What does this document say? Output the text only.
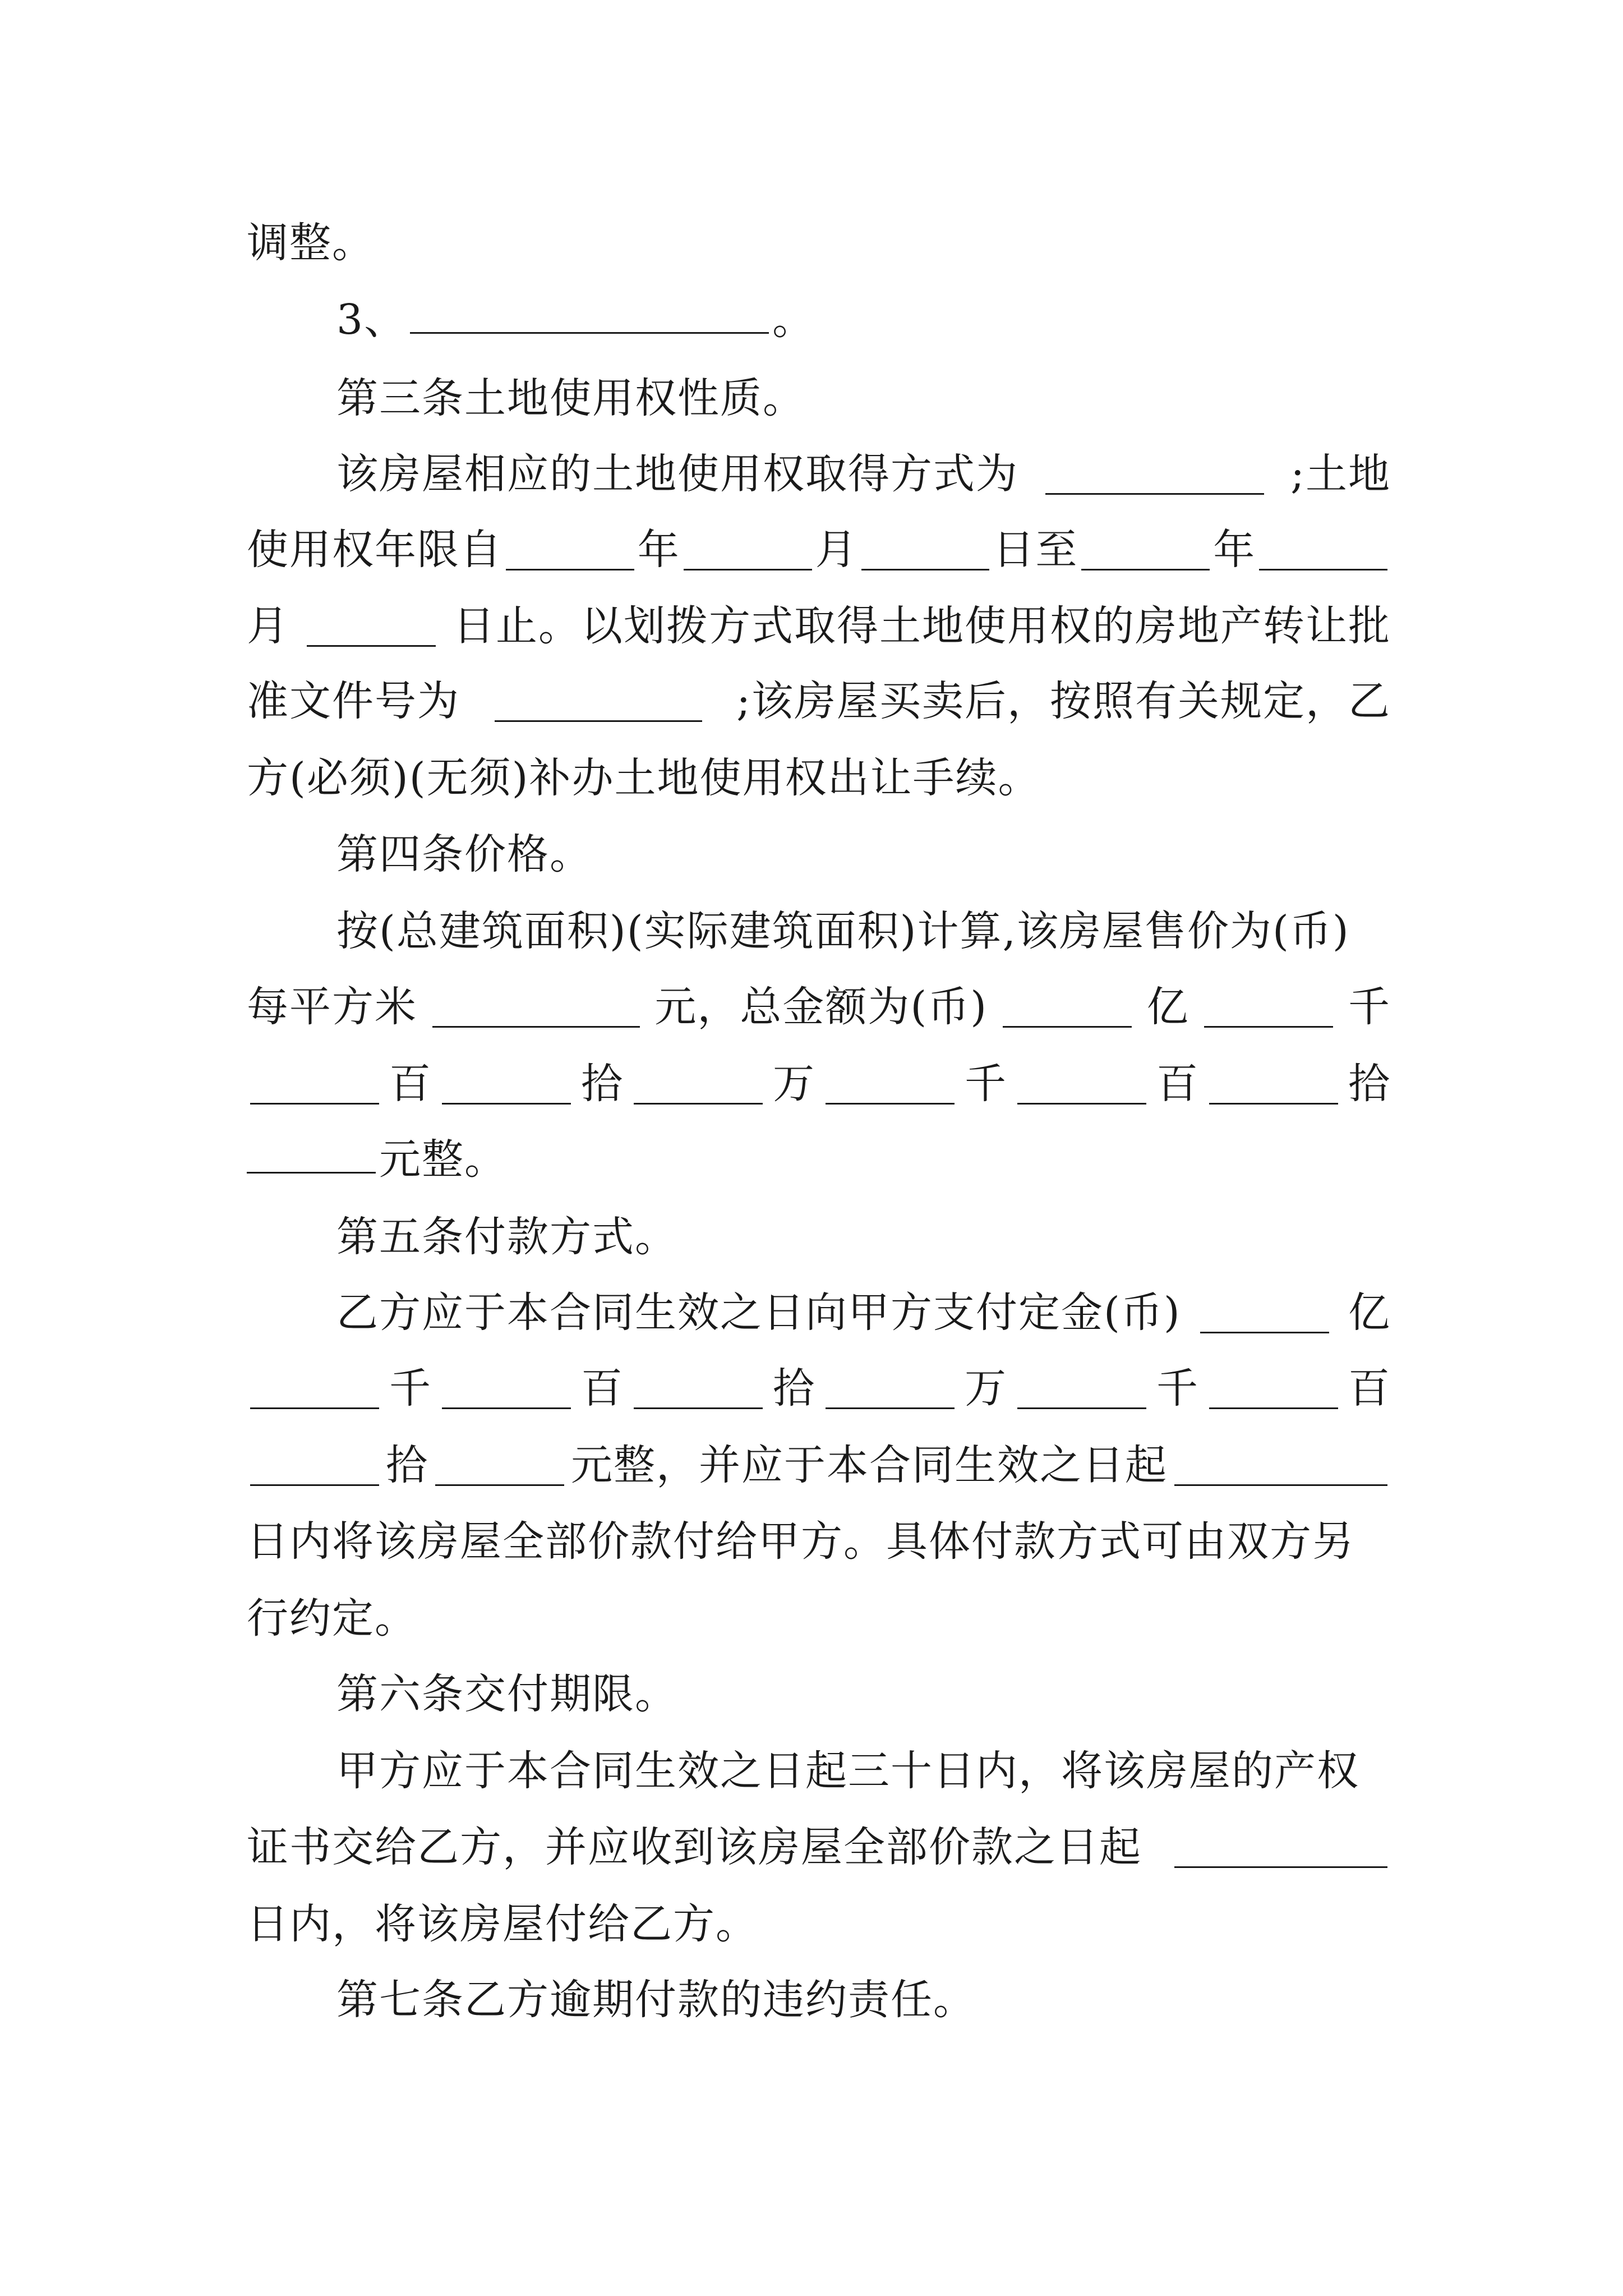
调整。
3、	。
第三条土地使用权性质。
该房屋相应的土地使用权取得方式为	;土地
使用权年限自	年	月	日至	年
月	日止。以划拨方式取得土地使用权的房地产转让批
准文件号为	;该房屋买卖后，按照有关规定，乙
方(必须)(无须)补办土地使用权出让手续。
第四条价格。
按(总建筑面积)(实际建筑面积)计算,该房屋售价为(币)
每平方米	元，总金额为(币)	亿	千
百	拾	万	千	百	拾
元整。
第五条付款方式。
乙方应于本合同生效之日向甲方支付定金(币)	亿
千	百	拾	万	千	百
拾	元整，并应于本合同生效之日起
日内将该房屋全部价款付给甲方。具体付款方式可由双方另
行约定。
第六条交付期限。
甲方应于本合同生效之日起三十日内，将该房屋的产权
证书交给乙方，并应收到该房屋全部价款之日起
日内，将该房屋付给乙方。
第七条乙方逾期付款的违约责任。
